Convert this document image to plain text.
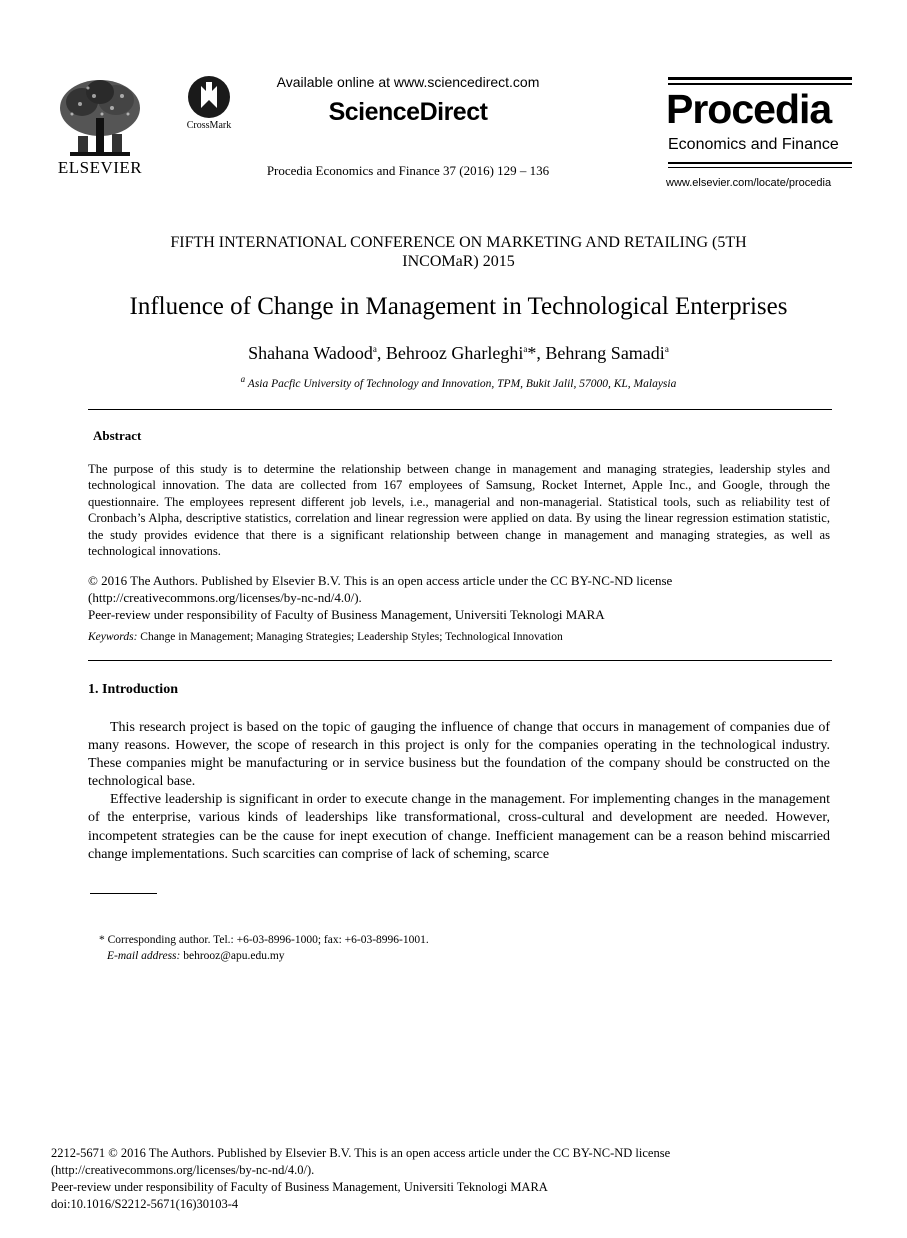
ELSEVIER
CrossMark
Available online at www.sciencedirect.com
ScienceDirect
Procedia Economics and Finance 37 (2016) 129 – 136
Procedia
Economics and Finance
www.elsevier.com/locate/procedia
FIFTH INTERNATIONAL CONFERENCE ON MARKETING AND RETAILING (5TH
INCOMaR) 2015
Influence of Change in Management in Technological Enterprises
Shahana Wadood$^a$, Behrooz Gharleghi$^a$*, Behrang Samadi$^a$
$^a$ Asia Pacfic University of Technology and Innovation, TPM, Bukit Jalil, 57000, KL, Malaysia
Abstract
The purpose of this study is to determine the relationship between change in management and managing strategies, leadership styles and technological innovation. The data are collected from 167 employees of Samsung, Rocket Internet, Apple Inc., and Google, through the questionnaire. The employees represent different job levels, i.e., managerial and non-managerial. Statistical tools, such as reliability test of Cronbach’s Alpha, descriptive statistics, correlation and linear regression were applied on data. By using the linear regression estimation statistic, the study provides evidence that there is a significant relationship between change in management and managing strategies, as well as technological innovations.
© 2016 The Authors. Published by Elsevier B.V. This is an open access article under the CC BY-NC-ND license
(http://creativecommons.org/licenses/by-nc-nd/4.0/).
Peer-review under responsibility of Faculty of Business Management, Universiti Teknologi MARA
Keywords: Change in Management; Managing Strategies; Leadership Styles; Technological Innovation
1. Introduction

This research project is based on the topic of gauging the influence of change that occurs in management of companies due of many reasons. However, the scope of research in this project is only for the companies operating in the technological industry. These companies might be manufacturing or in service business but the foundation of the company should be constructed on the technological base.

Effective leadership is significant in order to execute change in the management. For implementing changes in the management of the enterprise, various kinds of leaderships like transformational, cross-cultural and development are needed. However, incompetent strategies can be the cause for inept execution of change. Inefficient management can be a reason behind miscarried change implementations. Such scarcities can comprise of lack of scheming, scarce

* Corresponding author. Tel.: +6-03-8996-1000; fax: +6-03-8996-1001.
E-mail address: behrooz@apu.edu.my
2212-5671 © 2016 The Authors. Published by Elsevier B.V. This is an open access article under the CC BY-NC-ND license
(http://creativecommons.org/licenses/by-nc-nd/4.0/).
Peer-review under responsibility of Faculty of Business Management, Universiti Teknologi MARA
doi:10.1016/S2212-5671(16)30103-4
